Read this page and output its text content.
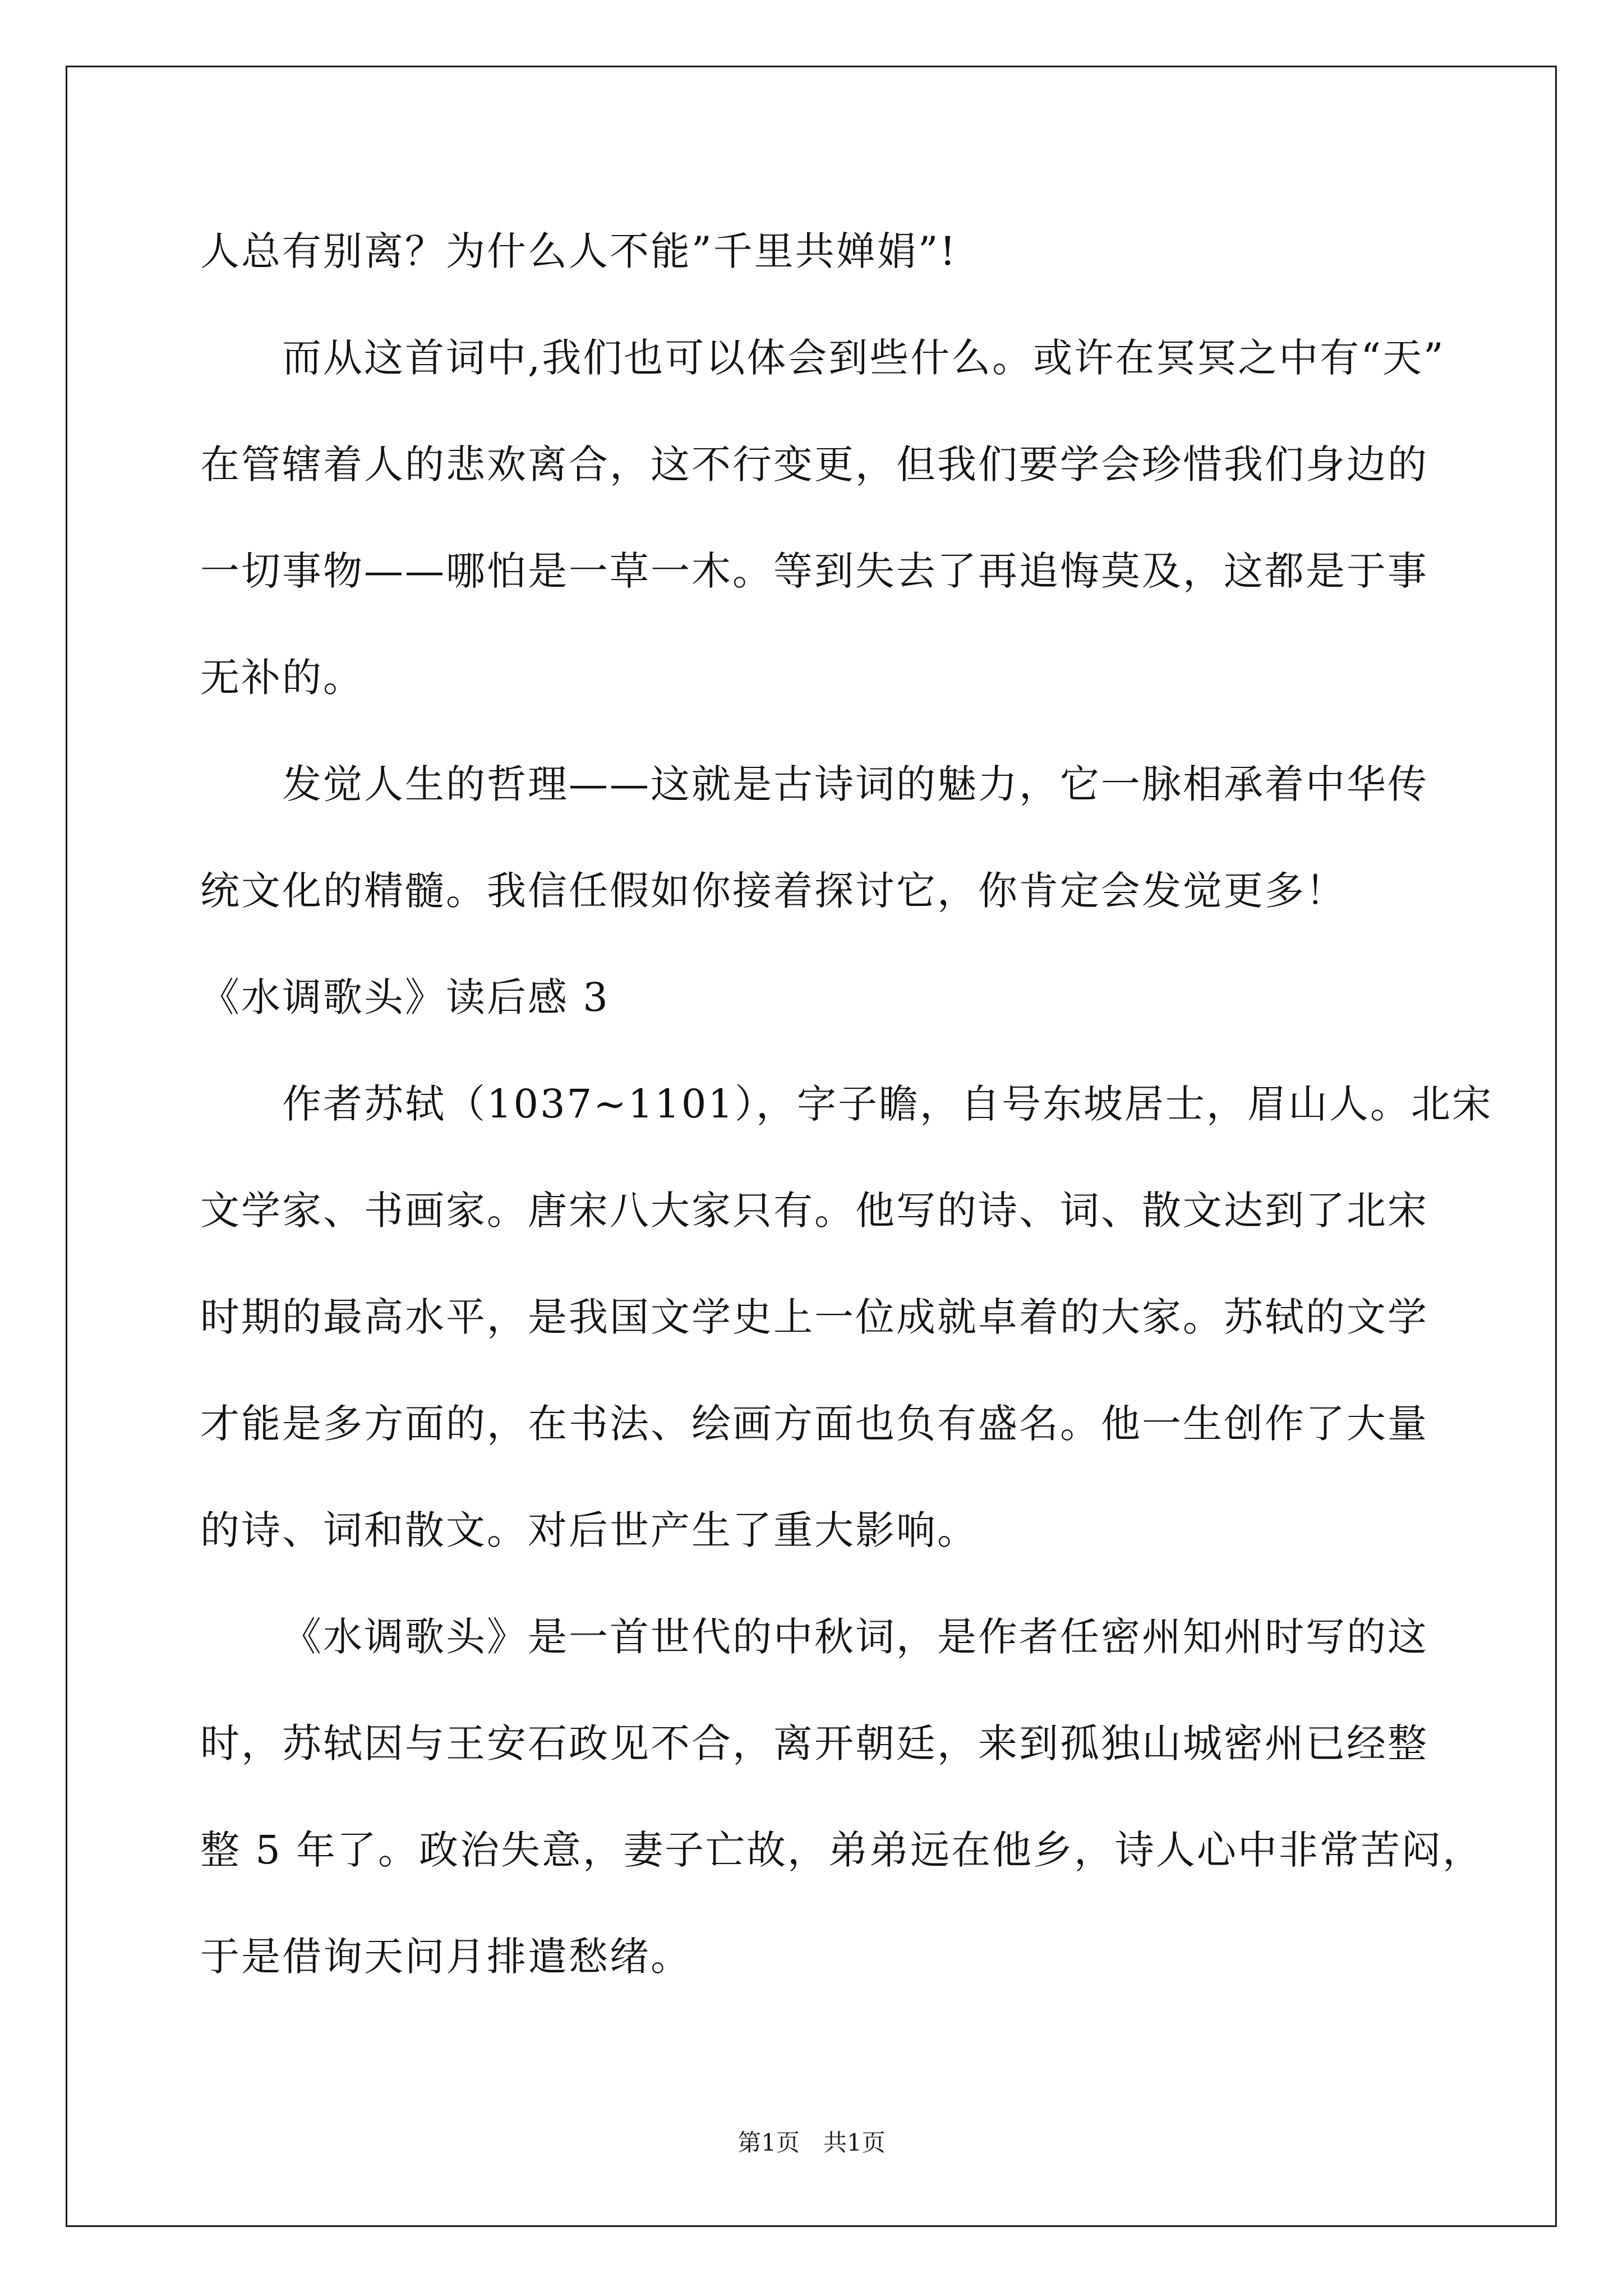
人总有别离？为什么人不能”千里共婵娟”!
而从这首词中,我们也可以体会到些什么。或许在冥冥之中有“天”
在管辖着人的悲欢离合，这不行变更，但我们要学会珍惜我们身边的
一切事物——哪怕是一草一木。等到失去了再追悔莫及，这都是于事
无补的。
发觉人生的哲理——这就是古诗词的魅力，它一脉相承着中华传
统文化的精髓。我信任假如你接着探讨它，你肯定会发觉更多！
《水调歌头》读后感 3
作者苏轼（1037~1101），字子瞻，自号东坡居士，眉山人。北宋
文学家、书画家。唐宋八大家只有。他写的诗、词、散文达到了北宋
时期的最高水平，是我国文学史上一位成就卓着的大家。苏轼的文学
才能是多方面的，在书法、绘画方面也负有盛名。他一生创作了大量
的诗、词和散文。对后世产生了重大影响。
《水调歌头》是一首世代的中秋词，是作者任密州知州时写的这
时，苏轼因与王安石政见不合，离开朝廷，来到孤独山城密州已经整
整 5 年了。政治失意，妻子亡故，弟弟远在他乡，诗人心中非常苦闷，
于是借询天问月排遣愁绪。
第1页　共1页
